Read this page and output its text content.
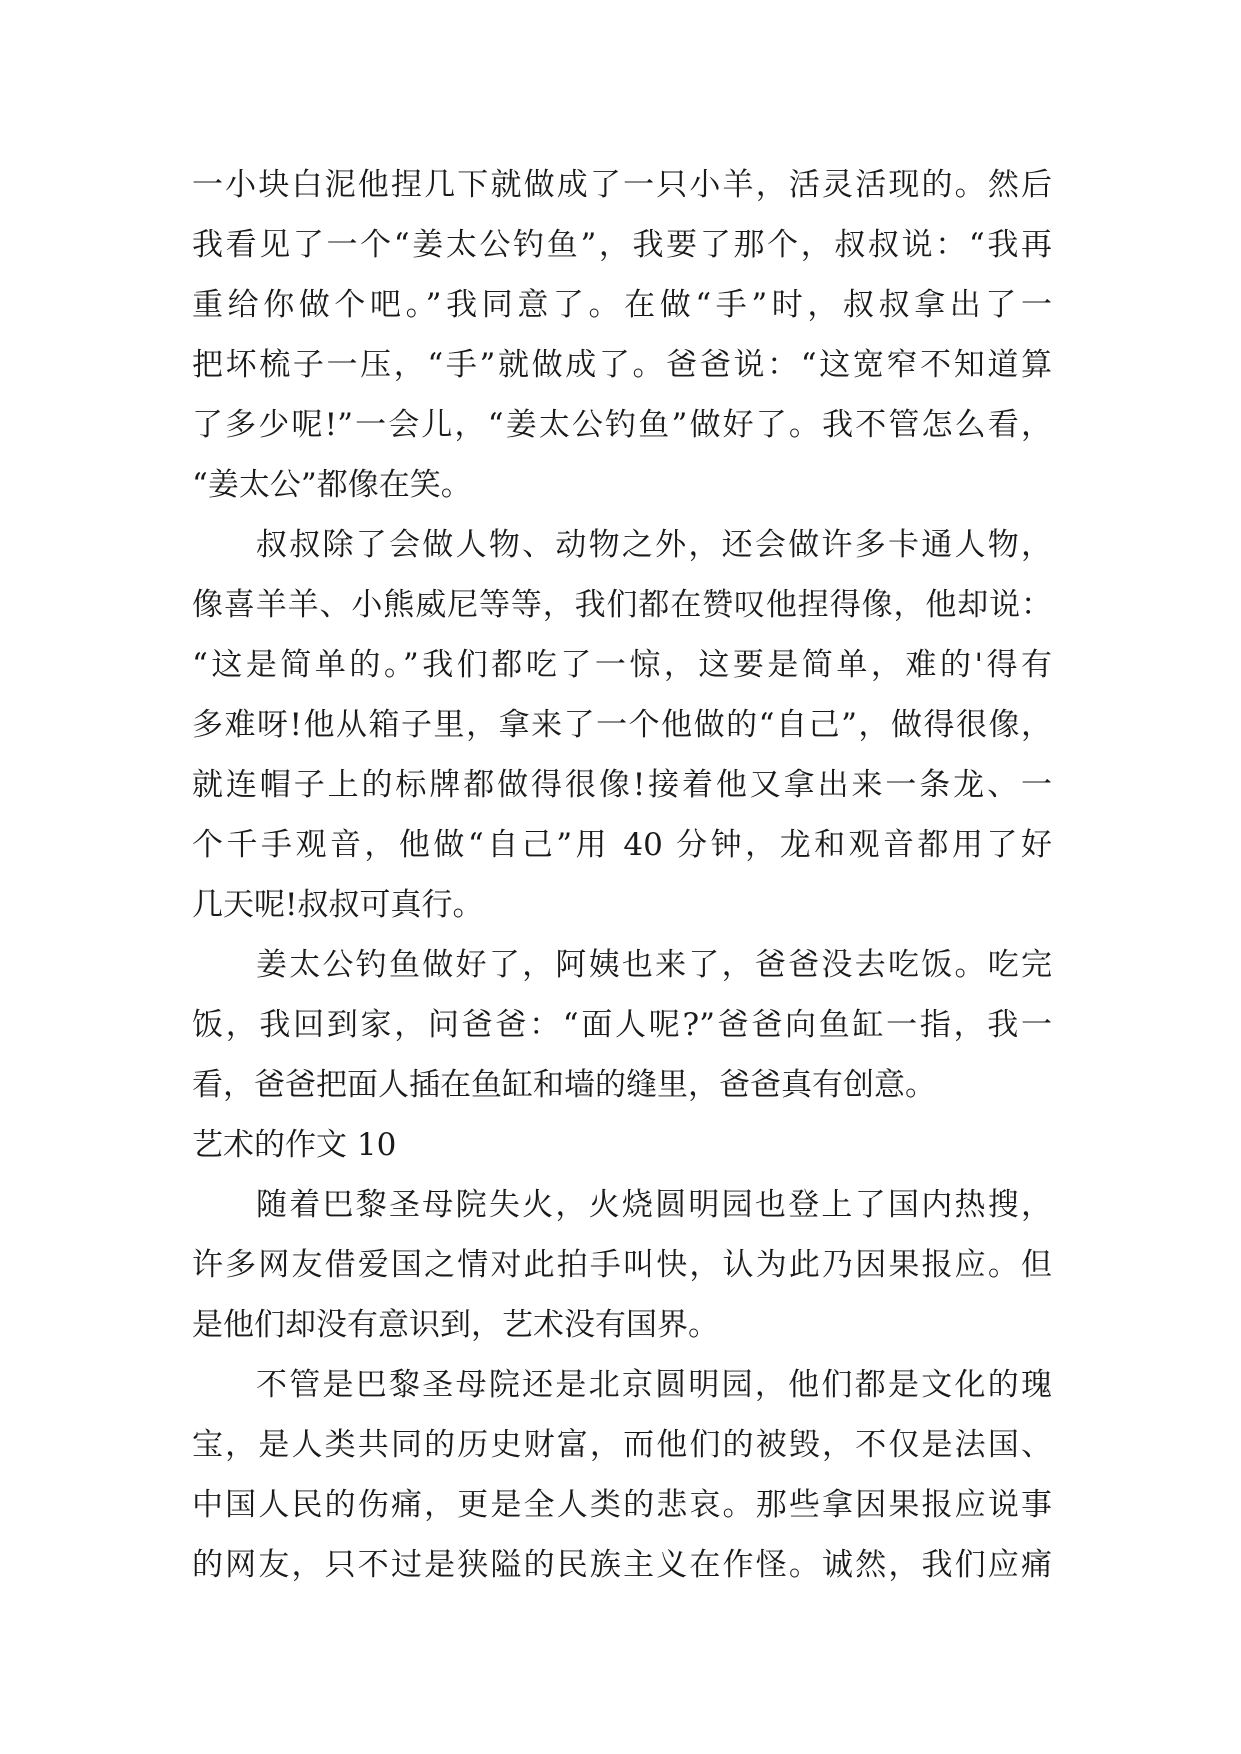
一小块白泥他捏几下就做成了一只小羊，活灵活现的。然后
我看见了一个“姜太公钓鱼”，我要了那个，叔叔说：“我再
重给你做个吧。”我同意了。在做“手”时，叔叔拿出了一
把坏梳子一压，“手”就做成了。爸爸说：“这宽窄不知道算
了多少呢!”一会儿，“姜太公钓鱼”做好了。我不管怎么看，
“姜太公”都像在笑。
叔叔除了会做人物、动物之外，还会做许多卡通人物，
像喜羊羊、小熊威尼等等，我们都在赞叹他捏得像，他却说：
“这是简单的。”我们都吃了一惊，这要是简单，难的'得有
多难呀!他从箱子里，拿来了一个他做的“自己”，做得很像，
就连帽子上的标牌都做得很像!接着他又拿出来一条龙、一
个千手观音，他做“自己”用 40 分钟，龙和观音都用了好
几天呢!叔叔可真行。
姜太公钓鱼做好了，阿姨也来了，爸爸没去吃饭。吃完
饭，我回到家，问爸爸：“面人呢?”爸爸向鱼缸一指，我一
看，爸爸把面人插在鱼缸和墙的缝里，爸爸真有创意。
艺术的作文 10
随着巴黎圣母院失火，火烧圆明园也登上了国内热搜，
许多网友借爱国之情对此拍手叫快，认为此乃因果报应。但
是他们却没有意识到，艺术没有国界。
不管是巴黎圣母院还是北京圆明园，他们都是文化的瑰
宝，是人类共同的历史财富，而他们的被毁，不仅是法国、
中国人民的伤痛，更是全人类的悲哀。那些拿因果报应说事
的网友，只不过是狭隘的民族主义在作怪。诚然，我们应痛
